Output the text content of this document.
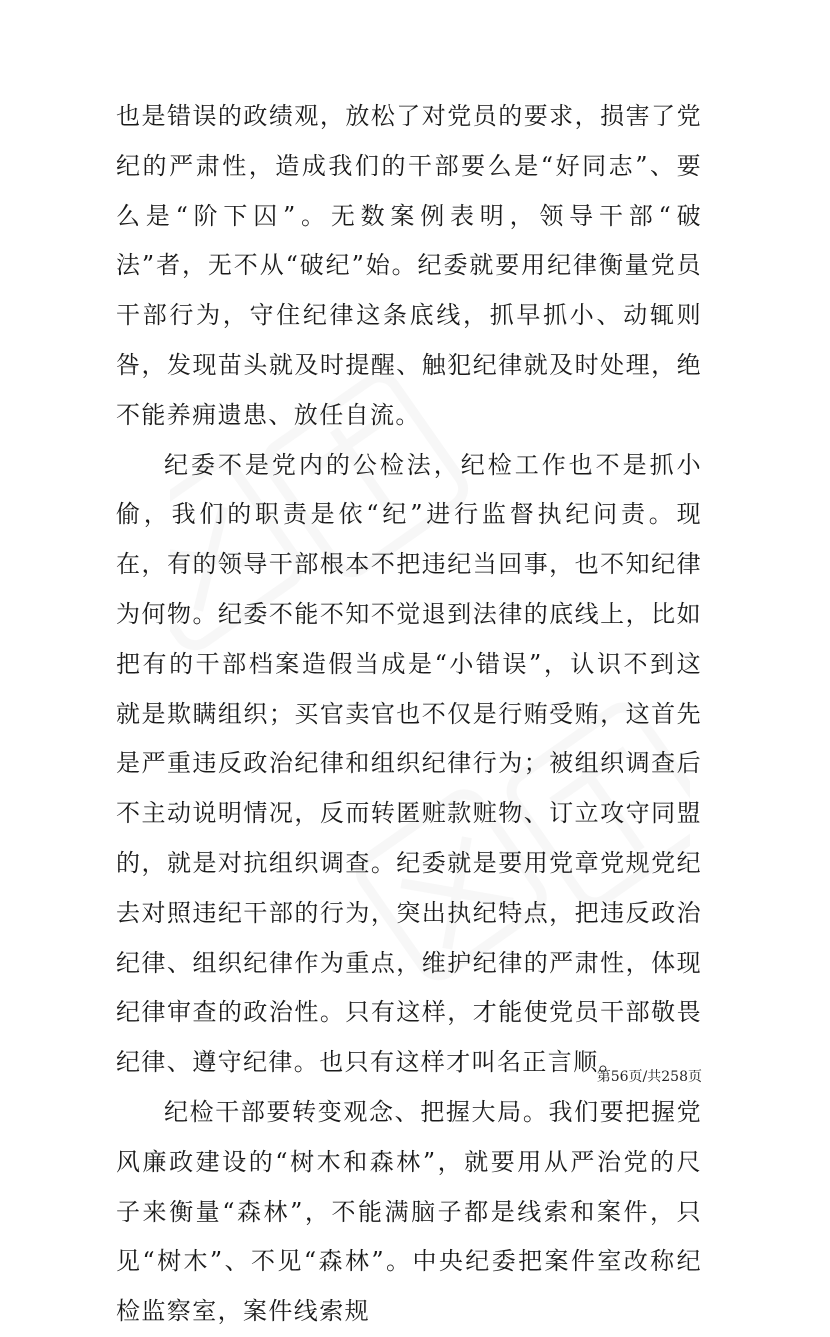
也是错误的政绩观，放松了对党员的要求，损害了党纪的严肃性，造成我们的干部要么是“好同志”、要么是“阶下囚”。无数案例表明，领导干部“破法”者，无不从“破纪”始。纪委就要用纪律衡量党员干部行为，守住纪律这条底线，抓早抓小、动辄则咎，发现苗头就及时提醒、触犯纪律就及时处理，绝不能养痈遗患、放任自流。

纪委不是党内的公检法，纪检工作也不是抓小偷，我们的职责是依“纪”进行监督执纪问责。现在，有的领导干部根本不把违纪当回事，也不知纪律为何物。纪委不能不知不觉退到法律的底线上，比如把有的干部档案造假当成是“小错误”，认识不到这就是欺瞒组织；买官卖官也不仅是行贿受贿，这首先是严重违反政治纪律和组织纪律行为；被组织调查后不主动说明情况，反而转匿赃款赃物、订立攻守同盟的，就是对抗组织调查。纪委就是要用党章党规党纪去对照违纪干部的行为，突出执纪特点，把违反政治纪律、组织纪律作为重点，维护纪律的严肃性，体现纪律审查的政治性。只有这样，才能使党员干部敬畏纪律、遵守纪律。也只有这样才叫名正言顺。

纪检干部要转变观念、把握大局。我们要把握党风廉政建设的“树木和森林”，就要用从严治党的尺子来衡量“森林”，不能满脑子都是线索和案件，只见“树木”、不见“森林”。中央纪委把案件室改称纪检监察室，案件线索规

第56页/共258页
